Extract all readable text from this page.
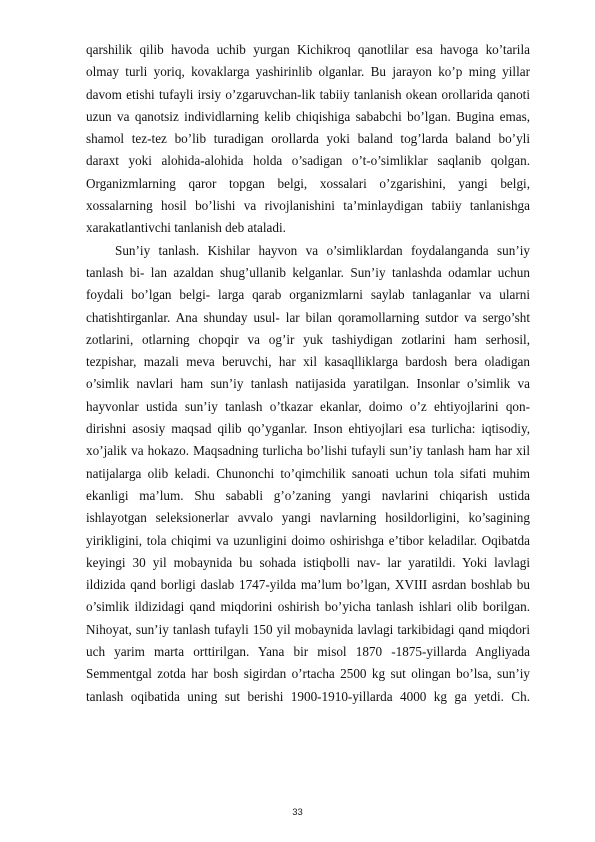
qarshilik qilib havoda uchib yurgan Kichikroq qanotlilar esa havoga ko’tarila
olmay turli yoriq, kovaklarga yashirinlib olganlar. Bu jarayon ko’p ming yillar
davom etishi tufayli irsiy o’zgaruvchan-lik tabiiy tanlanish okean orollarida qanoti
uzun va qanotsiz individlarning kelib chiqishiga sababchi bo’lgan. Bugina emas,
shamol tez-tez bo’lib turadigan orollarda yoki baland tog’larda baland bo’yli
daraxt yoki alohida-alohida holda o’sadigan o’t-o’simliklar saqlanib qolgan.
Organizmlarning qaror topgan belgi, xossalari o’zgarishini, yangi belgi,
xossalarning hosil bo’lishi va rivojlanishini ta’minlaydigan tabiiy tanlanishga
xarakatlantivchi tanlanish deb ataladi.
Sun’iy tanlash. Kishilar hayvon va o’simliklardan foydalanganda sun’iy
tanlash bi- lan azaldan shug’ullanib kelganlar. Sun’iy tanlashda odamlar uchun
foydali bo’lgan belgi- larga qarab organizmlarni saylab tanlaganlar va ularni
chatishtirganlar. Ana shunday usul- lar bilan qoramollarning sutdor va sergo’sht
zotlarini, otlarning chopqir va og’ir yuk tashiydigan zotlarini ham serhosil,
tezpishar, mazali meva beruvchi, har xil kasaqlliklarga bardosh bera oladigan
o’simlik navlari ham sun’iy tanlash natijasida yaratilgan. Insonlar o’simlik va
hayvonlar ustida sun’iy tanlash o’tkazar ekanlar, doimo o’z ehtiyojlarini qon-
dirishni asosiy maqsad qilib qo’yganlar. Inson ehtiyojlari esa turlicha: iqtisodiy,
xo’jalik va hokazo. Maqsadning turlicha bo’lishi tufayli sun’iy tanlash ham har xil
natijalarga olib keladi. Chunonchi to’qimchilik sanoati uchun tola sifati muhim
ekanligi ma’lum. Shu sababli g’o’zaning yangi navlarini chiqarish ustida
ishlayotgan seleksionerlar avvalo yangi navlarning hosildorligini, ko’sagining
yirikligini, tola chiqimi va uzunligini doimo oshirishga e’tibor keladilar. Oqibatda
keyingi 30 yil mobaynida bu sohada istiqbolli nav- lar yaratildi. Yoki lavlagi
ildizida qand borligi daslab 1747-yilda ma’lum bo’lgan, XVIII asrdan boshlab bu
o’simlik ildizidagi qand miqdorini oshirish bo’yicha tanlash ishlari olib borilgan.
Nihoyat, sun’iy tanlash tufayli 150 yil mobaynida lavlagi tarkibidagi qand miqdori
uch yarim marta orttirilgan. Yana bir misol 1870 -1875-yillarda Angliyada
Semmentgal zotda har bosh sigirdan o’rtacha 2500 kg sut olingan bo’lsa, sun’iy
tanlash oqibatida uning sut berishi 1900-1910-yillarda 4000 kg ga yetdi. Ch.
33
